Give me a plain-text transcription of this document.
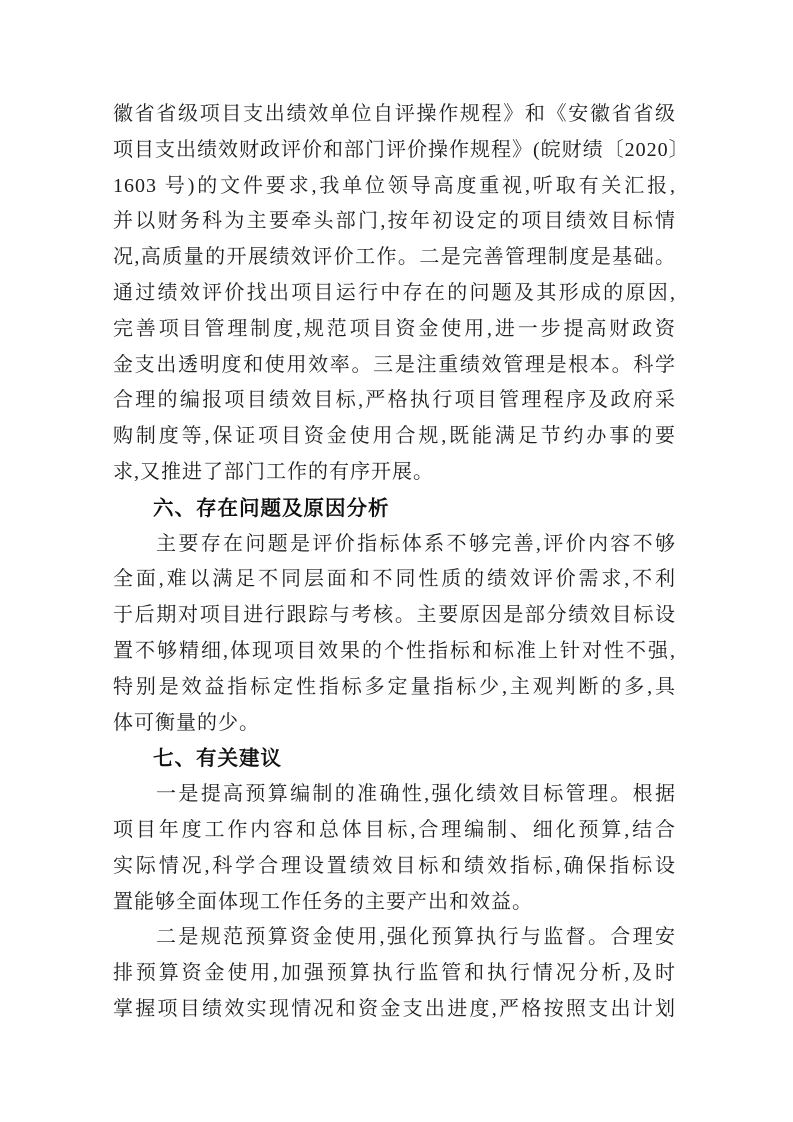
徽省省级项目支出绩效单位自评操作规程》和《安徽省省级
项目支出绩效财政评价和部门评价操作规程》(皖财绩〔2020〕
1603 号)的文件要求,我单位领导高度重视,听取有关汇报,
并以财务科为主要牵头部门,按年初设定的项目绩效目标情
况,高质量的开展绩效评价工作。二是完善管理制度是基础。
通过绩效评价找出项目运行中存在的问题及其形成的原因,
完善项目管理制度,规范项目资金使用,进一步提高财政资
金支出透明度和使用效率。三是注重绩效管理是根本。科学
合理的编报项目绩效目标,严格执行项目管理程序及政府采
购制度等,保证项目资金使用合规,既能满足节约办事的要
求,又推进了部门工作的有序开展。
六、存在问题及原因分析
主要存在问题是评价指标体系不够完善,评价内容不够
全面,难以满足不同层面和不同性质的绩效评价需求,不利
于后期对项目进行跟踪与考核。主要原因是部分绩效目标设
置不够精细,体现项目效果的个性指标和标准上针对性不强,
特别是效益指标定性指标多定量指标少,主观判断的多,具
体可衡量的少。
七、有关建议
一是提高预算编制的准确性,强化绩效目标管理。根据
项目年度工作内容和总体目标,合理编制、细化预算,结合
实际情况,科学合理设置绩效目标和绩效指标,确保指标设
置能够全面体现工作任务的主要产出和效益。
二是规范预算资金使用,强化预算执行与监督。合理安
排预算资金使用,加强预算执行监管和执行情况分析,及时
掌握项目绩效实现情况和资金支出进度,严格按照支出计划
